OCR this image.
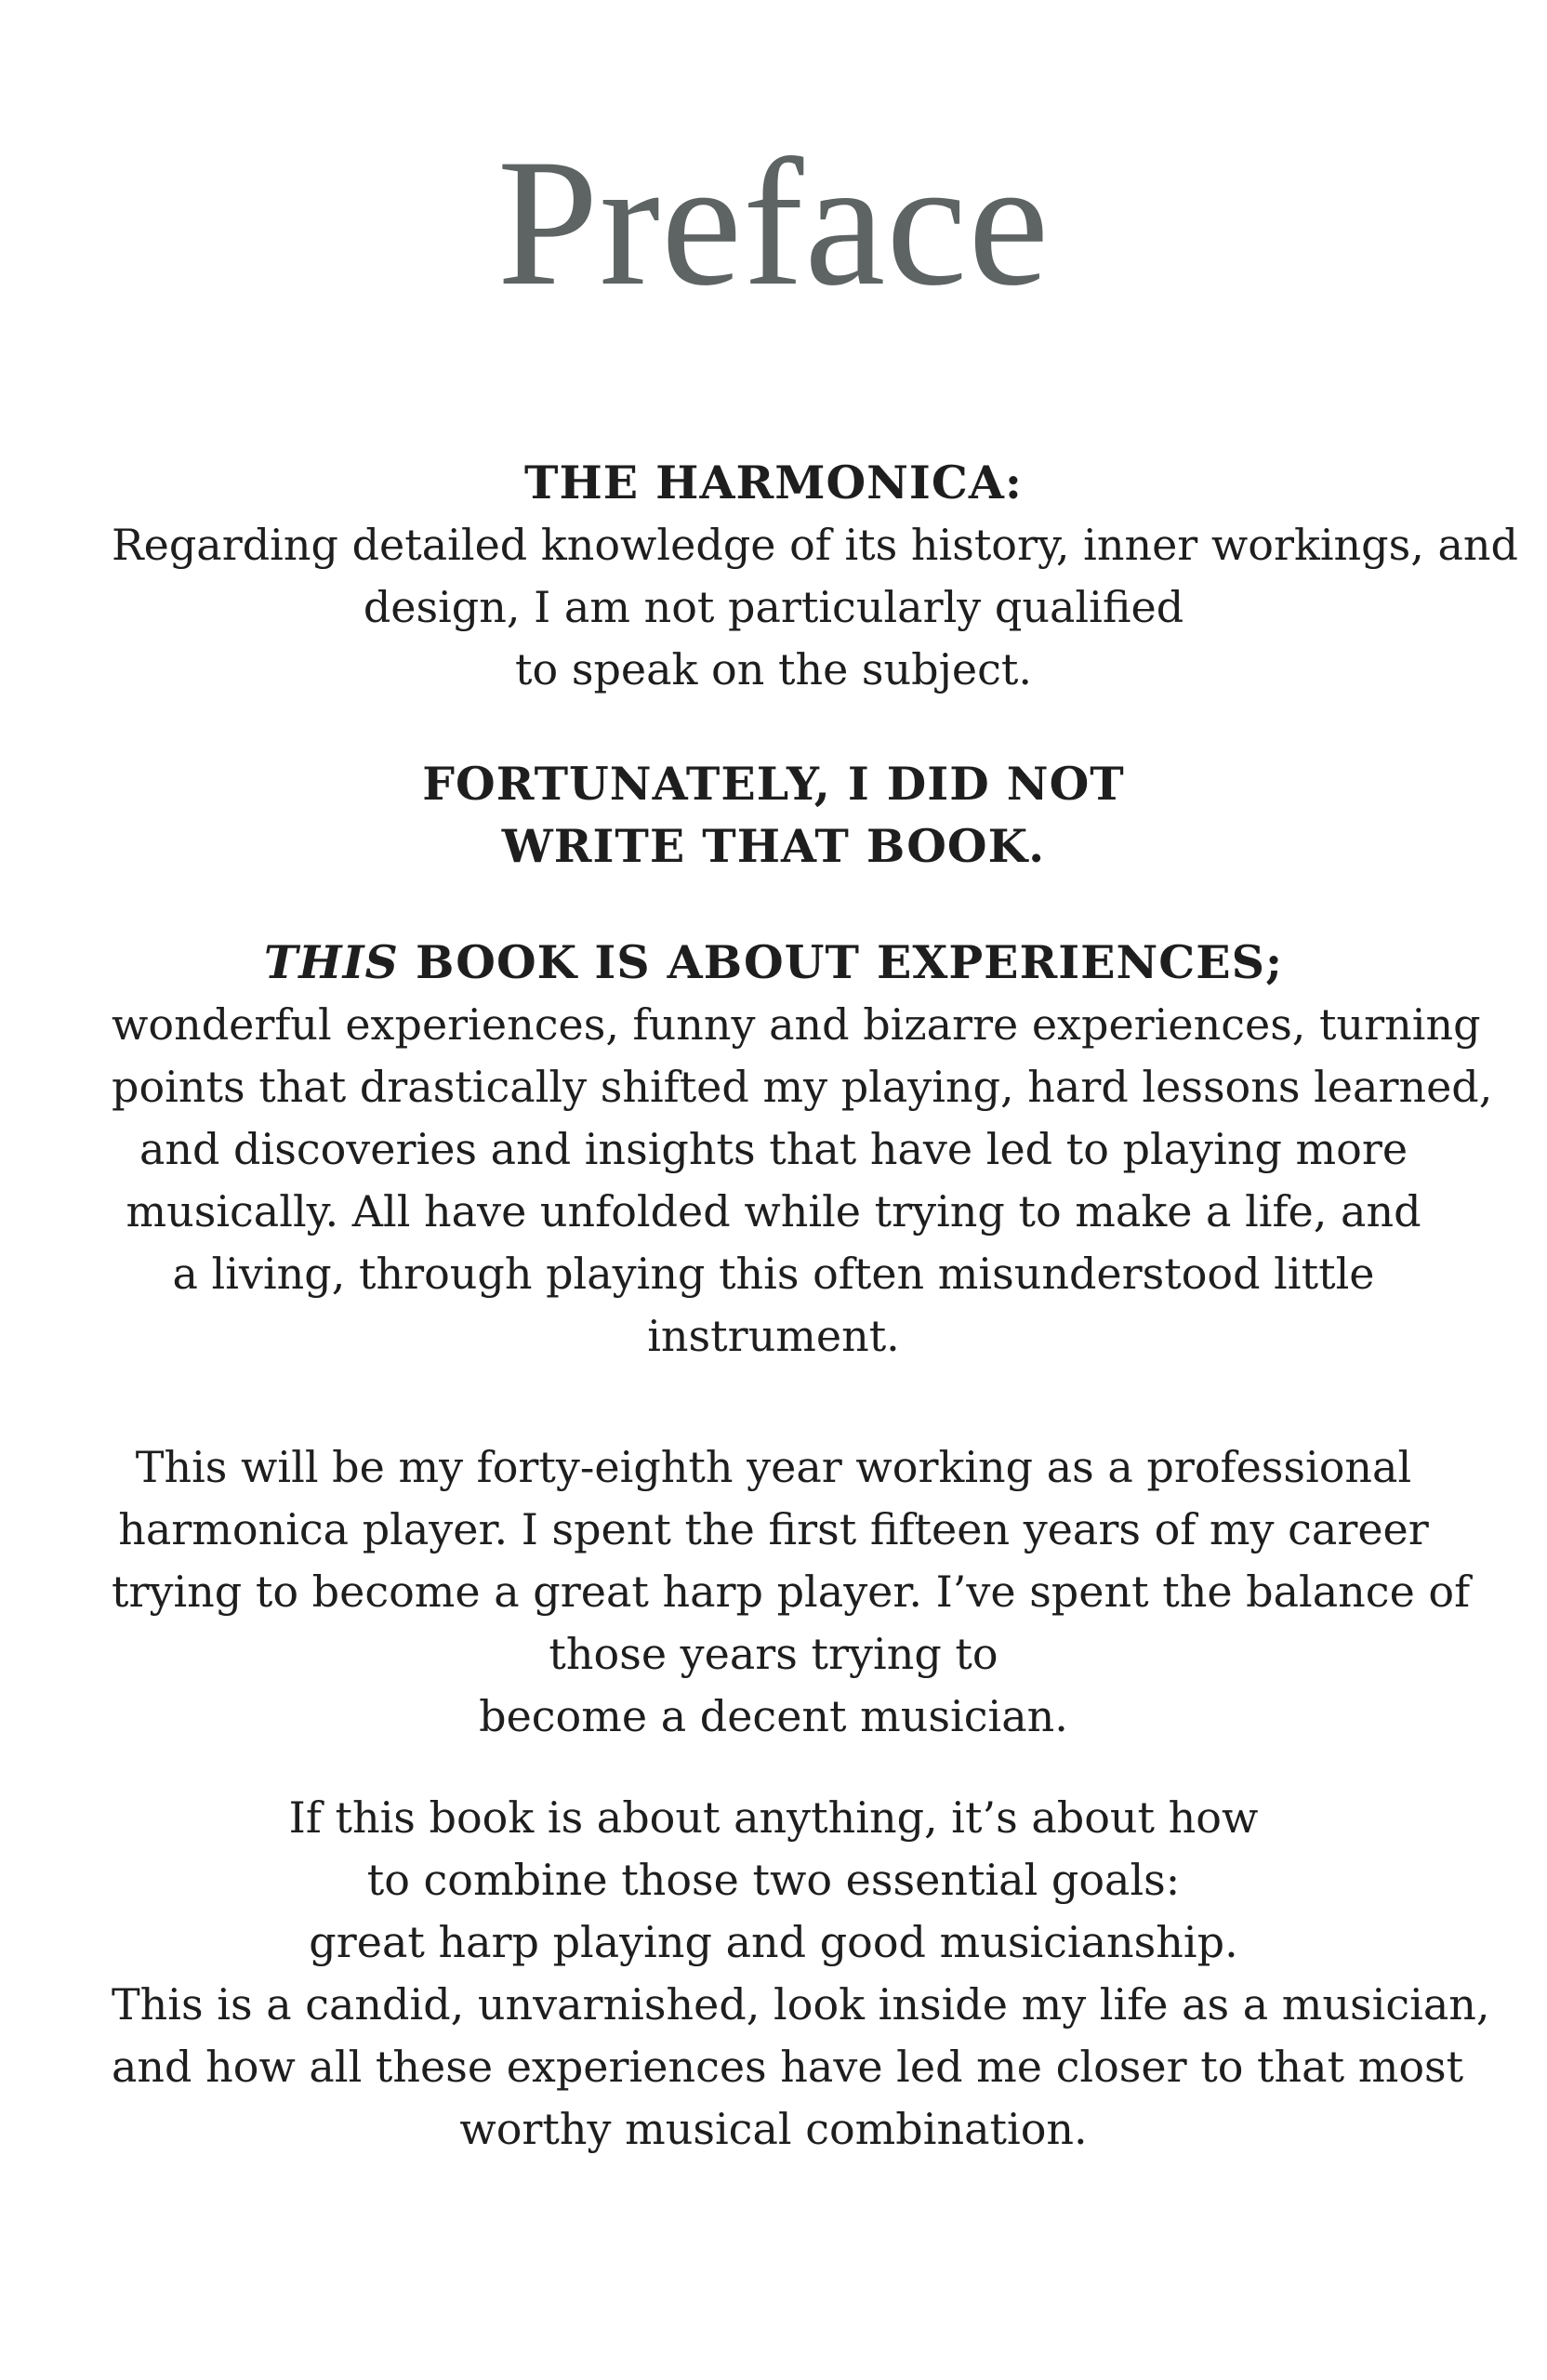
Preface
THE HARMONICA:
Regarding detailed knowledge of its history, inner workings, and
design, I am not particularly qualified
to speak on the subject.
FORTUNATELY, I DID NOT
WRITE THAT BOOK.
THIS BOOK IS ABOUT EXPERIENCES;
wonderful experiences, funny and bizarre experiences, turning
points that drastically shifted my playing, hard lessons learned,
and discoveries and insights that have led to playing more
musically. All have unfolded while trying to make a life, and
a living, through playing this often misunderstood little
instrument.
This will be my forty-eighth year working as a professional
harmonica player. I spent the first fifteen years of my career
trying to become a great harp player. I’ve spent the balance of
those years trying to
become a decent musician.
If this book is about anything, it’s about how
to combine those two essential goals:
great harp playing and good musicianship.
This is a candid, unvarnished, look inside my life as a musician,
and how all these experiences have led me closer to that most
worthy musical combination.
